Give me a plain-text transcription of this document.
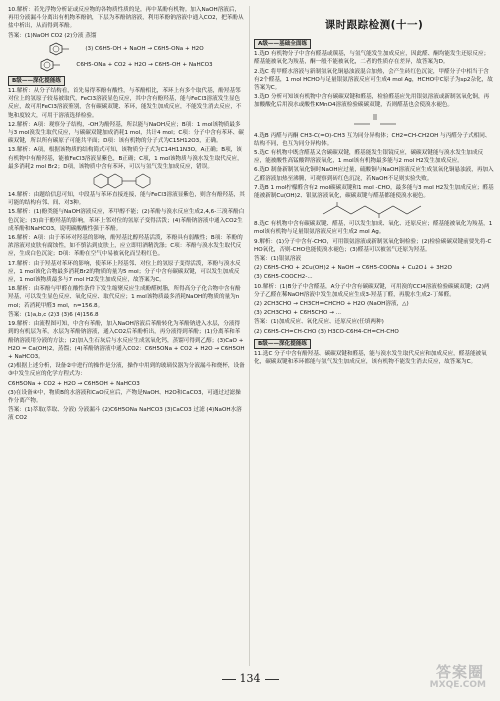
10.解析：若先浮物分析证或反应物的各物质性质的是，再中某酚有机物。加入NaOH溶液后，再用分液漏斗分离出有机物苯酚钠，下层为苯酚钠溶液，利用苯酚钠溶液中通入CO2，把苯酚从盐中析出，从而得到苯酚。

答案：(1)NaOH CO2 (2)分液 蒸馏

(3) C6H5-OH + NaOH → C6H5-ONa + H2O
C6H5-ONa + CO2 + H2O → C6H5-OH + NaHCO3
B级——深化提能练

11.解析：从分子结构看，首先易得苯酚有酸性，与苯酚相比，苯环上有多个取代基，酚羟基邻对位上的氢原子较易被取代，FeCl3溶液显色反应，其中含有酚羟基，能与FeCl3溶液发生显色反应，故可用FeCl3溶液鉴别，含有碳碳双键、苯环，能发生加成反应，不能发生消去反应，不饱和度较大，可用于溶液选择检验。

12.解析：A项：观察分子结构，-OH为酚羟基，所以能与NaOH反应；B项：1 mol该物质最多与3 mol溴发生取代反应，与碳碳双键加成消耗1 mol，共计4 mol；C项：分子中含有苯环、碳碳双键，所以所有碳原子可能共平面；D项：该有机物的分子式为C15H12O3，正确。

13.解析：A项，根据该物质的结构简式可知，该物质分子式为C14H11N3O，A正确；B项，该有机物中有酚羟基，能被FeCl3溶液显紫色，B正确；C项，1 mol该物质与溴水发生取代反应，最多消耗2 mol Br2；D项，该物质中含有苯环，可以与氢气发生加成反应，错误。

14.解析：由题给信息可知，中段基与苯环直接连接，能与FeCl3溶液显紫色，则含有酚羟基，其可能的结构有邻、间、对3种。

15.解析：(1)酚类能与NaOH溶液反应，苯甲醇不能；(2)苯酚与溴水反应生成2,4,6-三溴苯酚白色沉淀；(3)由于酚羟基的影响，苯环上邻对位的氢原子变得活泼；(4)苯酚钠溶液中通入CO2生成苯酚和NaHCO3，说明碳酸酸性强于苯酚。

16.解析：A项：由于苯环对羟基的影响，酚羟基比醇羟基活泼，苯酚具有弱酸性；B项：苯酚的浓溶液对皮肤有腐蚀性，如不慎沾到皮肤上，应立即用酒精洗涤；C项：苯酚与溴水发生取代反应，生成白色沉淀；D项：苯酚在空气中易被氧化而呈粉红色。

17.解析：由于羟基对苯环的影响，使苯环上羟基邻、对位上的氢原子变得活泼，苯酚与溴水反应，1 mol该化合物最多消耗Br2的物质的量为5 mol；分子中含有碳碳双键，可以发生加成反应，1 mol该物质最多与7 mol H2发生加成反应，故答案为C。

18.解析：由苯酚与甲醛在酸性条件下发生缩聚反应生成酚醛树脂，所得高分子化合物中含有酚羟基，可以发生显色反应、氧化反应、取代反应；1 mol该物质最多消耗NaOH的物质的量为n mol；若消耗甲醛3 mol，n=156.8。

答案：(1)a,b,c (2)3 (3)6 (4)156.8

19.解析：由流程图可知，中含有苯酚，加入NaOH溶液后苯酚转化为苯酚钠进入水层，分液得到的有机层为苯，水层为苯酚钠溶液，通入CO2后苯酚析出，再分液得到苯酚；(1)分离苯和苯酚钠溶液用分液的方法；(2)加入生石灰后与水反应生成氢氧化钙，蒸馏可得到乙醇；(3)CaO + H2O = Ca(OH)2，蒸馏；(4)苯酚钠溶液中通入CO2：C6H5ONa + CO2 + H2O → C6H5OH + NaHCO3。

(2)根据上述分析，设备②中进行的操作是分液，操作中用到的玻璃仪器为分液漏斗和烧杯，设备③中发生反应的化学方程式为：

C6H5ONa + CO2 + H2O → C6H5OH + NaHCO3

(3)在设备④中，物质B的水溶液和CaO反应后，产物是NaOH、H2O和CaCO3，可通过过滤操作分离产物。

答案：(1)萃取(萃取、分液) 分液漏斗 (2)C6H5ONa NaHCO3 (3)CaCO3 过滤 (4)NaOH水溶液 CO2

课时跟踪检测(十一)
A级——基础全面练

1.选D 有机物分子中含有醛基或羰基，与氢气能发生加成反应，因此醛、酮均能发生还原反应；醛基能被氧化为羧基，酮一般不能被氧化，二者的性质存在差异，故答案为D。

2.选C 将甲醛水溶液与新制氢氧化铜悬浊液混合加热，会产生砖红色沉淀，甲醛分子中相当于含有2个醛基，1 mol HCHO与足量银氨溶液反应可生成4 mol Ag，HCHO中C原子为sp2杂化，故答案为C。

3.选D 分析可知该有机物中含有碳碳双键和醛基，检验醛基应先用银氨溶液或新制氢氧化铜，再加酸酸化后用溴水或酸性KMnO4溶液检验碳碳双键，否则醛基也会使溴水褪色。

4.选B 丙醛与丙酮 CH3-C(=O)-CH3 互为同分异构体；CH2=CH-CH2OH 与丙醛分子式相同、结构不同，也互为同分异构体。

5.选C 有机物中既含醛基又含碳碳双键，醛基能发生银镜反应，碳碳双键能与溴水发生加成反应，能被酸性高锰酸钾溶液氧化，1 mol该有机物最多能与2 mol H2发生加成反应。

6.选D 制备新制氢氧化铜时NaOH应过量，硫酸铜与NaOH溶液反应生成氢氧化铜悬浊液，再加入乙醛溶液加热至沸腾，可观察到砖红色沉淀，若NaOH不足则实验失败。

7.选B 1 mol柠檬醛含有2 mol碳碳双键和1 mol -CHO，最多能与3 mol H2发生加成反应；醛基能被新制Cu(OH)2、银氨溶液氧化，碳碳双键与醛基都能使溴水褪色。

8.选C 有机物中含有碳碳双键、醛基，可以发生加成、氧化、还原反应；醛基能被氧化为羧基，1 mol该有机物与足量银氨溶液反应可生成2 mol Ag。

9.解析：(1)分子中含有-CHO，可用银氨溶液或新制氢氧化铜检验；(2)检验碳碳双键前要先将-CHO氧化，否则-CHO也能使溴水褪色；(3)醛基可以被氢气还原为羟基。

答案：(1)银氨溶液

(2) C6H5-CHO + 2Cu(OH)2 + NaOH → C6H5-COONa + Cu2O↓ + 3H2O

(3) C6H5-COOCH2-...

10.解析：(1)B分子中含醛基，A分子中含有碳碳双键，可用溴的CCl4溶液检验碳碳双键；(2)两分子乙醛在稀NaOH溶液中发生加成反应生成3-羟基丁醛，再脱水生成2-丁烯醛。

(2) 2CH3CHO → CH3CH=CHCHO + H2O (NaOH溶液，△)

(3) 2CH3CHO + C6H5CHO → ...

答案：(1)加成反应、氧化反应、还原反应(任填两种)

(2) C6H5-CH=CH-CHO (3) H3CO-C6H4-CH=CH-CHO

B级——深化提能练

11.选C 分子中含有酚羟基、碳碳双键和醛基，能与溴水发生取代反应和加成反应，醛基能被氧化，碳碳双键和苯环都能与氢气发生加成反应，该有机物不能发生消去反应，故答案为C。

134	答案圈
MXQE.COM
